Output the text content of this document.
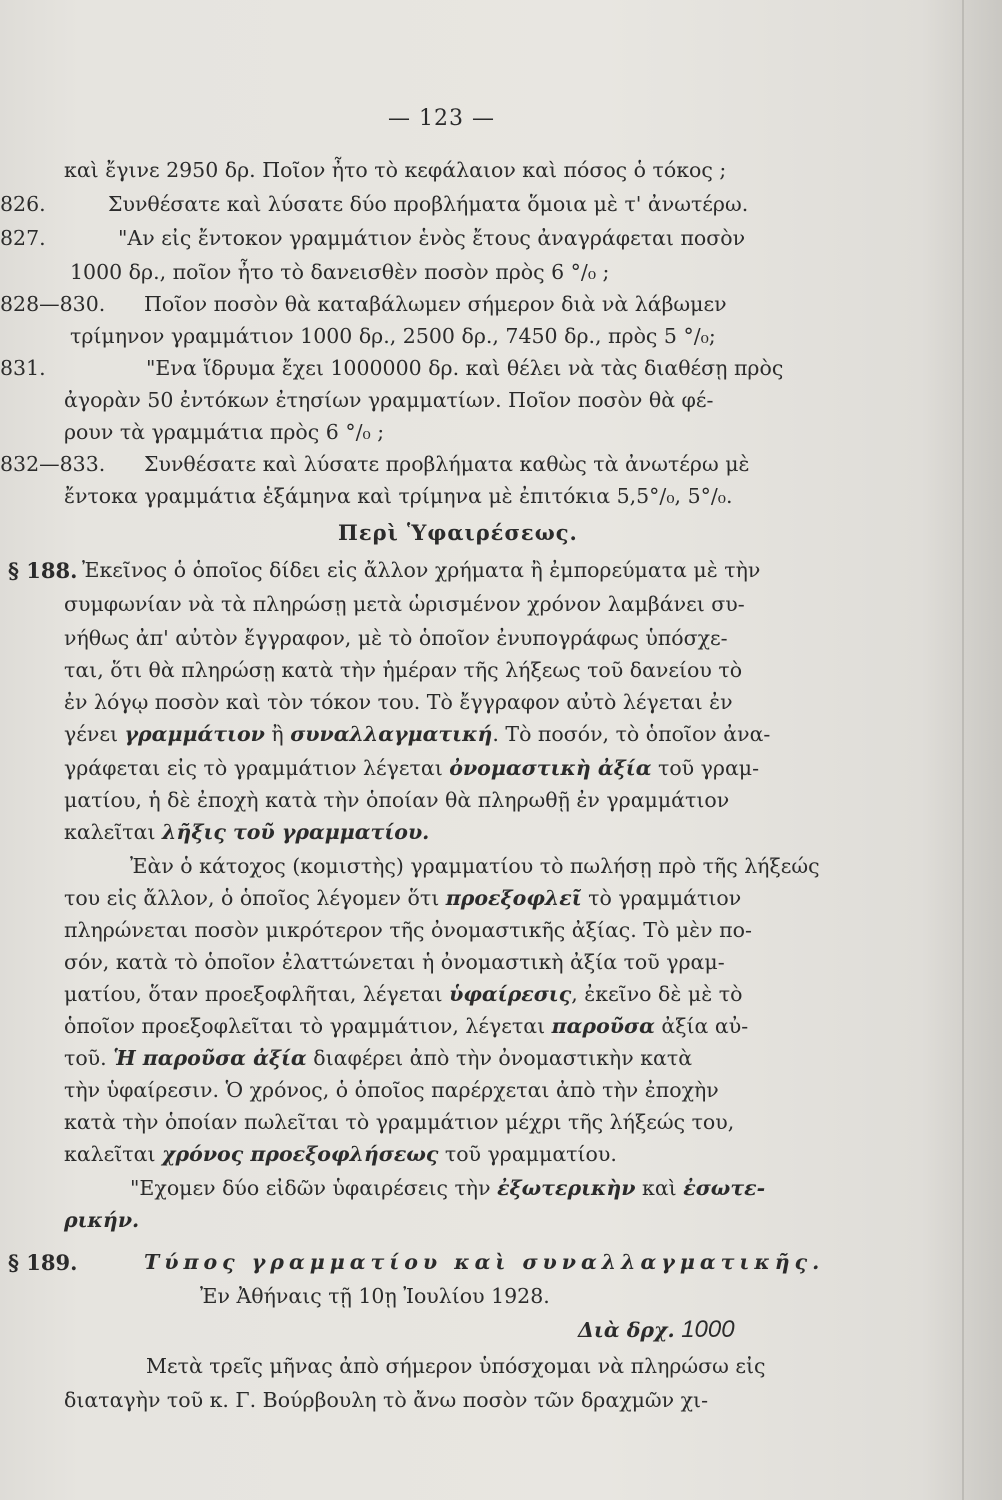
— 123 —
καὶ ἔγινε 2950 δρ. Ποῖον ἦτο τὸ κεφάλαιον καὶ πόσος ὁ τόκος ;
826.	Συνθέσατε καὶ λύσατε δύο προβλήματα ὅμοια μὲ τ' ἀνωτέρω.
827.	"Αν εἰς ἔντοκον γραμμάτιον ἑνὸς ἔτους ἀναγράφεται ποσὸν
1000 δρ., ποῖον ἦτο τὸ δανεισθὲν ποσὸν πρὸς 6 °/₀ ;
828—830. Ποῖον ποσὸν θὰ καταβάλωμεν σήμερον διὰ νὰ λάβωμεν
τρίμηνον γραμμάτιον 1000 δρ., 2500 δρ., 7450 δρ., πρὸς 5 °/₀;
831.	"Ενα ἵδρυμα ἔχει 1000000 δρ. καὶ θέλει νὰ τὰς διαθέσῃ πρὸς
ἀγορὰν 50 ἐντόκων ἐτησίων γραμματίων. Ποῖον ποσὸν θὰ φέ-
ρουν τὰ γραμμάτια πρὸς 6 °/₀ ;
832—833. Συνθέσατε καὶ λύσατε προβλήματα καθὼς τὰ ἀνωτέρω μὲ
ἔντοκα γραμμάτια ἑξάμηνα καὶ τρίμηνα μὲ ἐπιτόκια 5,5°/₀, 5°/₀.
Περὶ Ὑφαιρέσεως.
§ 188. Ἐκεῖνος ὁ ὁποῖος δίδει εἰς ἄλλον χρήματα ἢ ἐμπορεύματα μὲ τὴν
συμφωνίαν νὰ τὰ πληρώσῃ μετὰ ὡρισμένον χρόνον λαμβάνει συ-
νήθως ἀπ' αὐτὸν ἔγγραφον, μὲ τὸ ὁποῖον ἐνυπογράφως ὑπόσχε-
ται, ὅτι θὰ πληρώσῃ κατὰ τὴν ἡμέραν τῆς λήξεως τοῦ δανείου τὸ
ἐν λόγῳ ποσὸν καὶ τὸν τόκον του. Τὸ ἔγγραφον αὐτὸ λέγεται ἐν
γένει γραμμάτιον ἢ συναλλαγματική. Τὸ ποσόν, τὸ ὁποῖον ἀνα-
γράφεται εἰς τὸ γραμμάτιον λέγεται ὀνομαστικὴ ἀξία τοῦ γραμ-
ματίου, ἡ δὲ ἐποχὴ κατὰ τὴν ὁποίαν θὰ πληρωθῇ ἐν γραμμάτιον
καλεῖται λῆξις τοῦ γραμματίου.
Ἐὰν ὁ κάτοχος (κομιστὴς) γραμματίου τὸ πωλήσῃ πρὸ τῆς λήξεώς
του εἰς ἄλλον, ὁ ὁποῖος λέγομεν ὅτι προεξοφλεῖ τὸ γραμμάτιον
πληρώνεται ποσὸν μικρότερον τῆς ὀνομαστικῆς ἀξίας. Τὸ μὲν πο-
σόν, κατὰ τὸ ὁποῖον ἐλαττώνεται ἡ ὀνομαστικὴ ἀξία τοῦ γραμ-
ματίου, ὅταν προεξοφλῆται, λέγεται ὑφαίρεσις, ἐκεῖνο δὲ μὲ τὸ
ὁποῖον προεξοφλεῖται τὸ γραμμάτιον, λέγεται παροῦσα ἀξία αὐ-
τοῦ. Ἡ παροῦσα ἀξία διαφέρει ἀπὸ τὴν ὀνομαστικὴν κατὰ
τὴν ὑφαίρεσιν. Ὁ χρόνος, ὁ ὁποῖος παρέρχεται ἀπὸ τὴν ἐποχὴν
κατὰ τὴν ὁποίαν πωλεῖται τὸ γραμμάτιον μέχρι τῆς λήξεώς του,
καλεῖται χρόνος προεξοφλήσεως τοῦ γραμματίου.
"Εχομεν δύο εἰδῶν ὑφαιρέσεις τὴν ἐξωτερικὴν καὶ ἐσωτε-
ρικήν.
§ 189.	Τύπος γραμματίου καὶ συναλλαγματικῆς.
Ἐν Ἀθήναις τῇ 10ῃ Ἰουλίου 1928.
Διὰ δρχ. 1000
Μετὰ τρεῖς μῆνας ἀπὸ σήμερον ὑπόσχομαι νὰ πληρώσω εἰς
διαταγὴν τοῦ κ. Γ. Βούρβουλη τὸ ἄνω ποσὸν τῶν δραχμῶν χι-
